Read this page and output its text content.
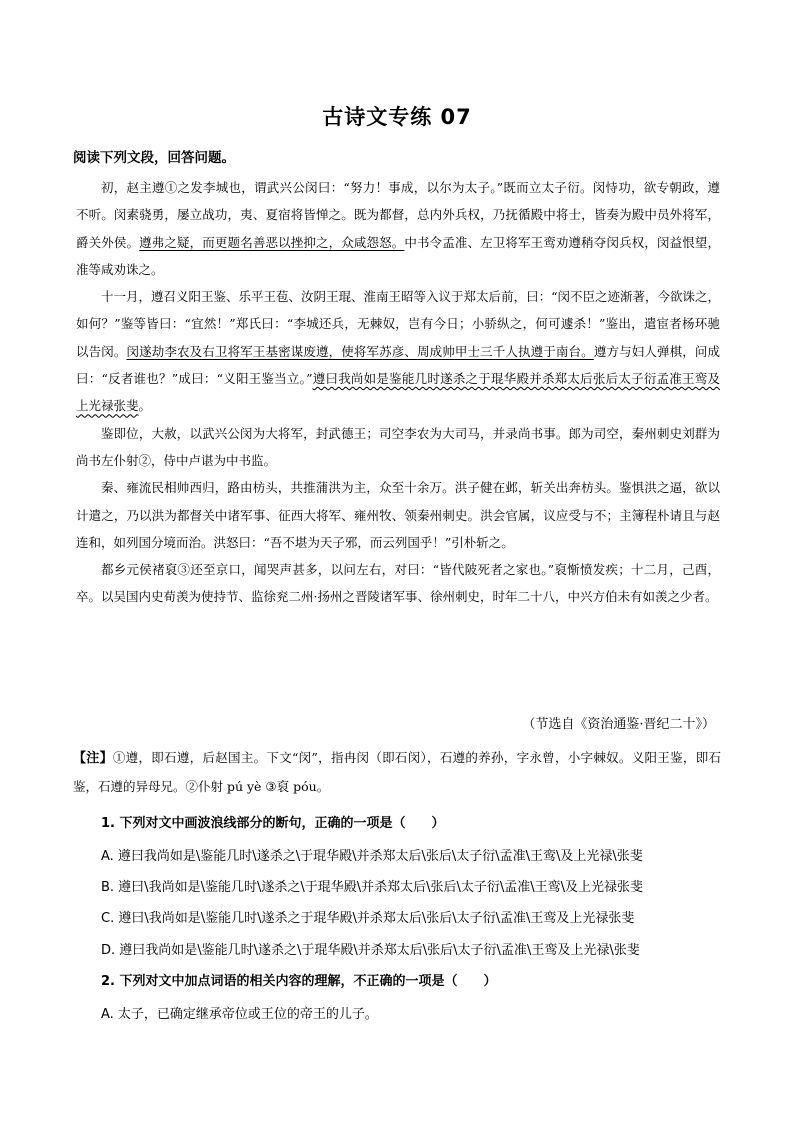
古诗文专练 07
阅读下列文段，回答问题。

初，赵主遵①之发李城也，谓武兴公闵曰：“努力！事成，以尔为太子。”既而立太子衍。闵恃功，欲专朝政，遵不听。闵素骁勇，屡立战功，夷、夏宿将皆惮之。既为都督，总内外兵权，乃抚循殿中将士，皆奏为殿中员外将军，爵关外侯。遵弗之疑，而更题名善恶以挫抑之，众咸怨怒。中书令孟准、左卫将军王鸾劝遵稍夺闵兵权，闵益恨望，准等咸劝诛之。

十一月，遵召义阳王鉴、乐平王苞、汝阴王琨、淮南王昭等入议于郑太后前，曰：“闵不臣之迹渐著，今欲诛之，如何？”鉴等皆曰：“宜然！”郑氏曰：“李城还兵，无棘奴，岂有今日；小骄纵之，何可遽杀！”鉴出，遣宦者杨环驰以告闵。闵遂劫李农及右卫将军王基密谋废遵，使将军苏彦、周成帅甲士三千人执遵于南台。遵方与妇人弹棋，问成曰：“反者谁也？”成曰：“义阳王鉴当立。”遵曰我尚如是鉴能几时遂杀之于琨华殿并杀郑太后张后太子衍孟准王鸾及上光禄张斐。

鉴即位，大赦，以武兴公闵为大将军，封武德王；司空李农为大司马，并录尚书事。郎为司空，秦州刺史刘群为尚书左仆射②，侍中卢谌为中书监。

秦、雍流民相帅西归，路由枋头，共推蒲洪为主，众至十余万。洪子健在邺，斩关出奔枋头。鉴惧洪之逼，欲以计遣之，乃以洪为都督关中诸军事、征西大将军、雍州牧、领秦州刺史。洪会官属，议应受与不；主簿程朴请且与赵连和，如列国分境而治。洪怒曰：“吾不堪为天子邪，而云列国乎！”引朴斩之。

都乡元侯褚裒③还至京口，闻哭声甚多，以问左右，对曰：“皆代陂死者之家也。”裒惭愤发疾；十二月，己酉，卒。以吴国内史荀羡为使持节、监徐兖二州·扬州之晋陵诸军事、徐州刺史，时年二十八，中兴方伯未有如羡之少者。

（节选自《资治通鉴·晋纪二十》）
【注】①遵，即石遵，后赵国主。下文“闵”，指冉闵（即石闵），石遵的养孙，字永曾，小字棘奴。义阳王鉴，即石鉴，石遵的异母兄。②仆射 pú yè ③裒 póu。
1. 下列对文中画波浪线部分的断句，正确的一项是（　　）
A. 遵曰我尚如是\鉴能几时\遂杀之\于琨华殿\并杀郑太后\张后\太子衍\孟准\王鸾\及上光禄\张斐
B. 遵曰\我尚如是\鉴能几时\遂杀之\于琨华殿\并杀郑太后\张后\太子衍\孟准\王鸾\及上光禄张斐
C. 遵曰\我尚如是\鉴能几时\遂杀之于琨华殿\并杀郑太后\张后\太子衍\孟准\王鸾及上光禄张斐
D. 遵曰我尚如是\鉴能几时\遂杀之\于琨华殿\并杀郑太后\张后\太子衍\孟准\王鸾及上光禄\张斐
2. 下列对文中加点词语的相关内容的理解，不正确的一项是（　　）
A. 太子，已确定继承帝位或王位的帝王的儿子。
